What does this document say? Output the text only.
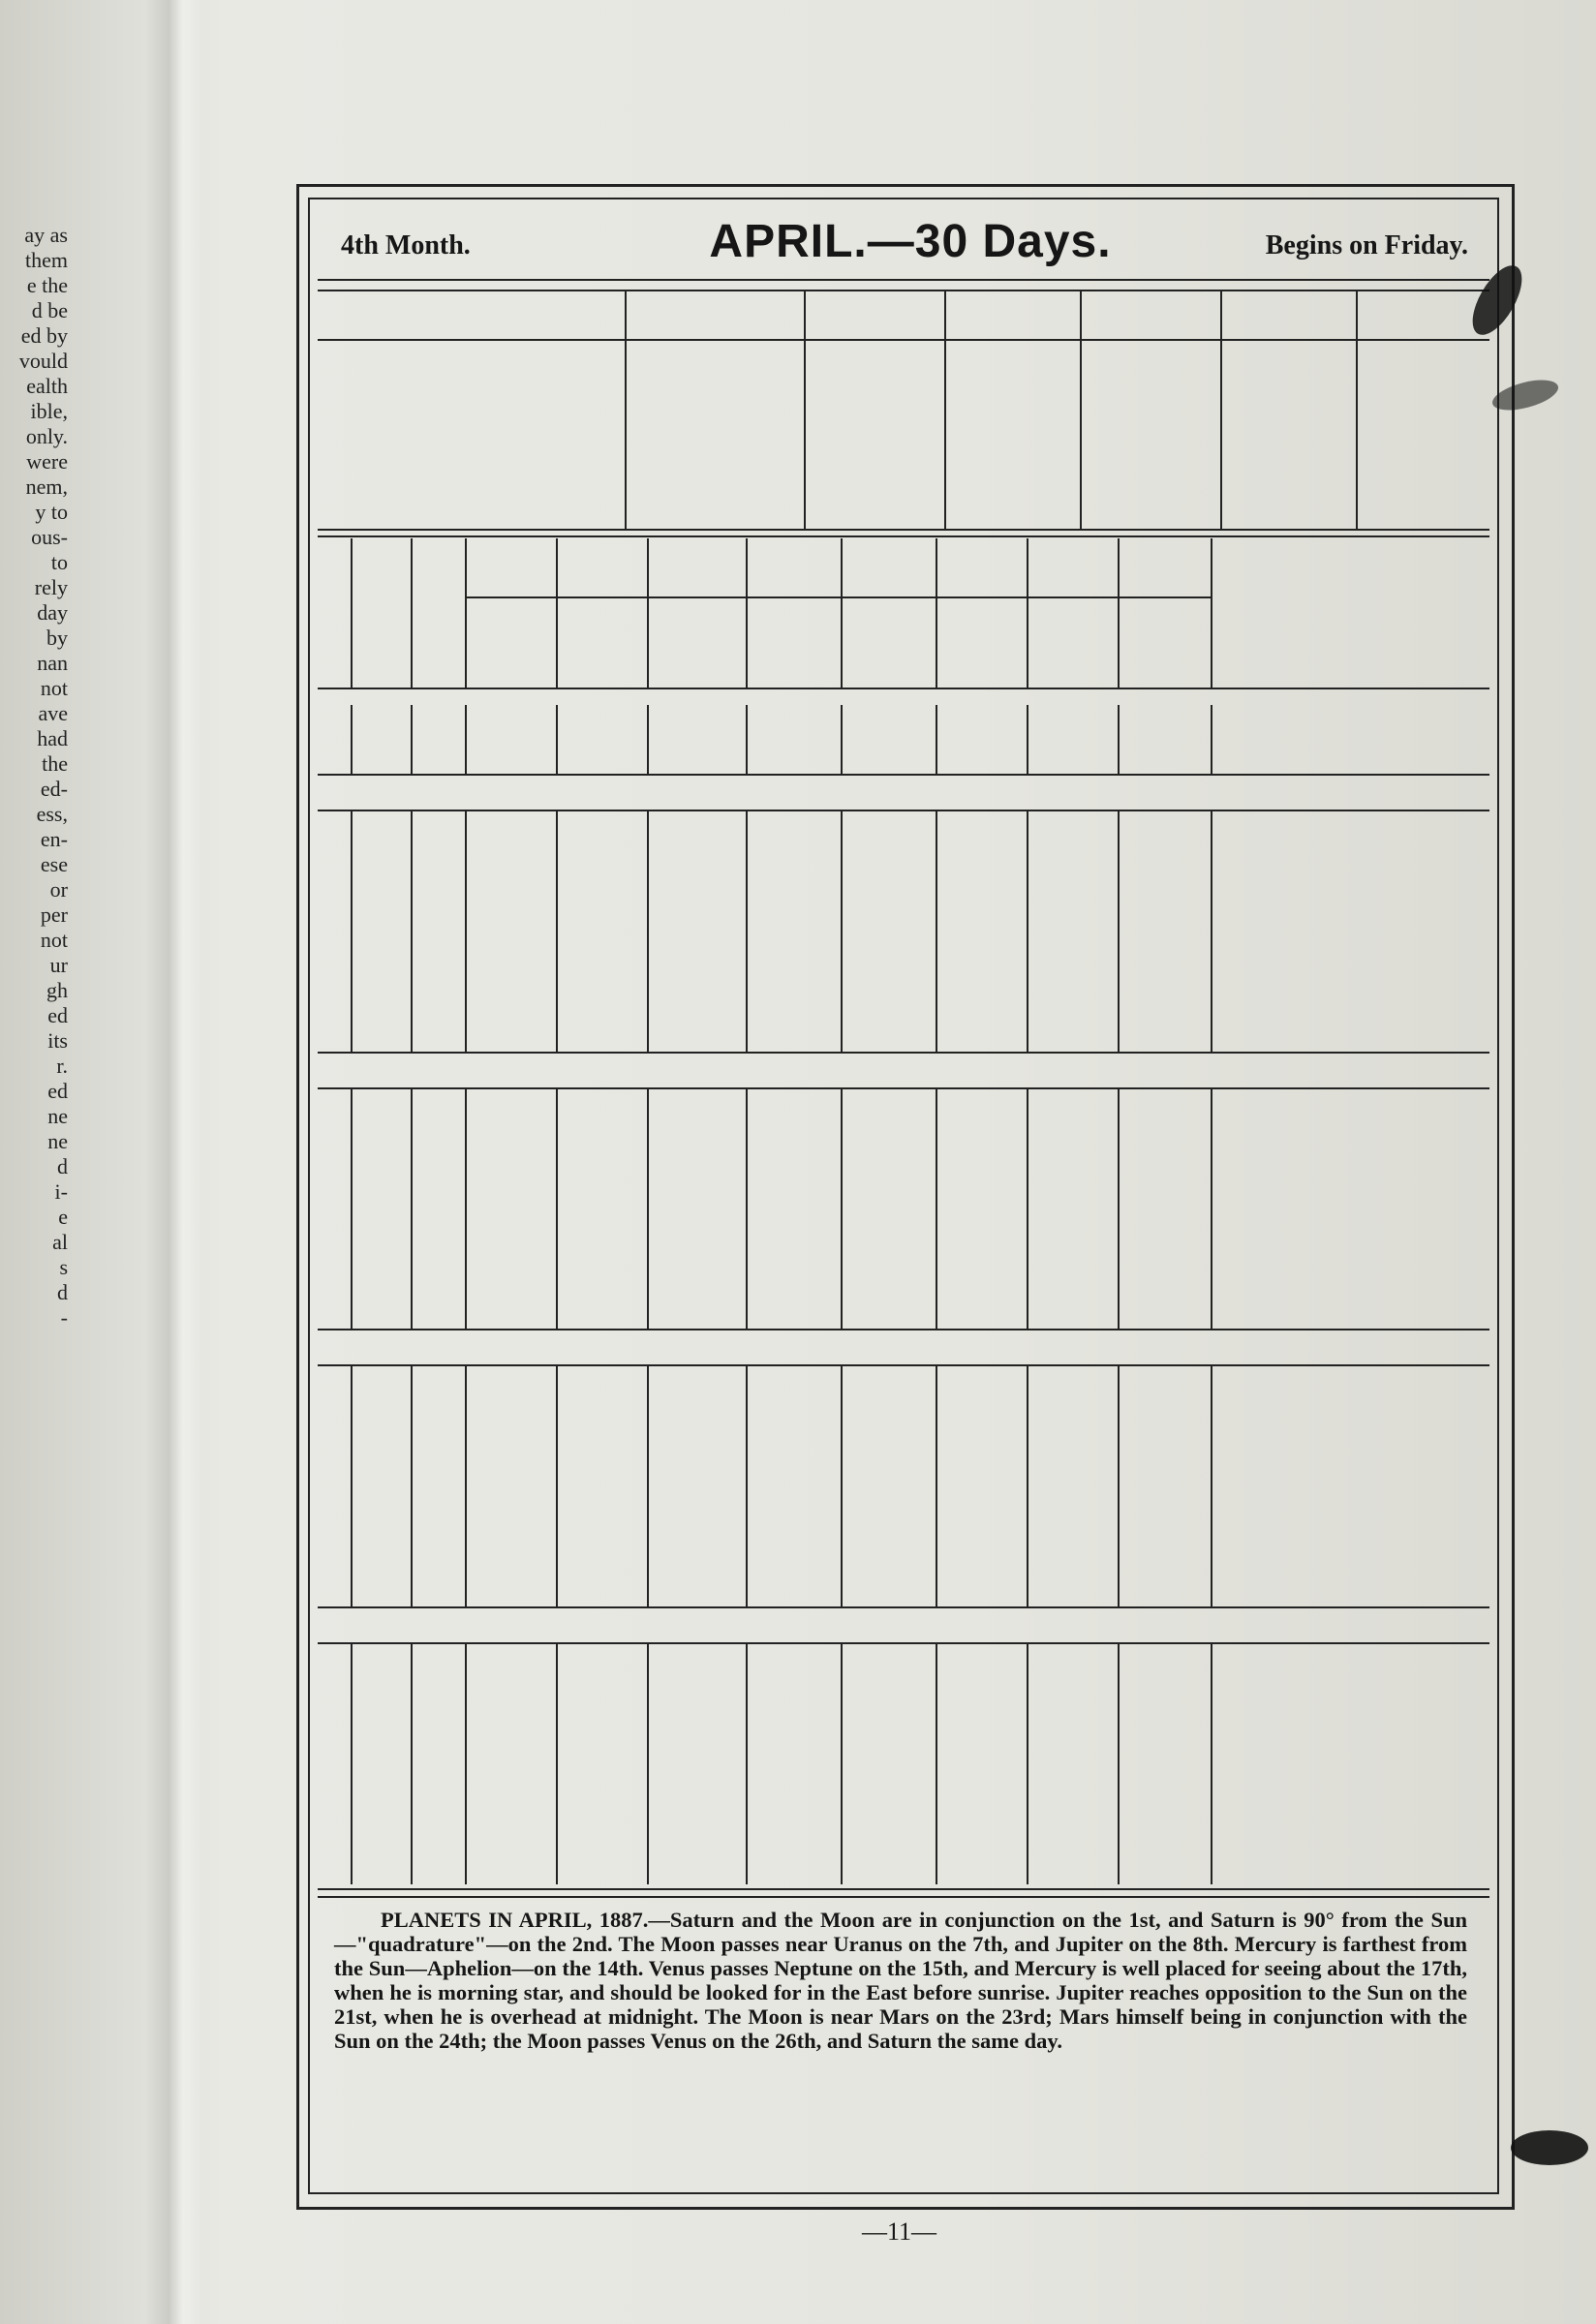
ay as
them
e the
d be
ed by
vould
ealth
ible,
only.
were
nem,
y to
ous-
to
rely
day
by
nan
not
ave
had
the
ed-
ess,
en-
ese
or
per
not
ur
gh
ed
its
r.
ed
ne
ne
d
i-
e
al
s
d
-
4th Month.	APRIL.—30 Days.	Begins on Friday.
PLANETS IN APRIL, 1887.—Saturn and the Moon are in conjunction on the 1st, and Saturn is 90° from the Sun—"quadrature"—on the 2nd. The Moon passes near Uranus on the 7th, and Jupiter on the 8th. Mercury is farthest from the Sun—Aphelion—on the 14th. Venus passes Neptune on the 15th, and Mercury is well placed for seeing about the 17th, when he is morning star, and should be looked for in the East before sunrise. Jupiter reaches opposition to the Sun on the 21st, when he is overhead at midnight. The Moon is near Mars on the 23rd; Mars himself being in conjunction with the Sun on the 24th; the Moon passes Venus on the 26th, and Saturn the same day.
—11—
